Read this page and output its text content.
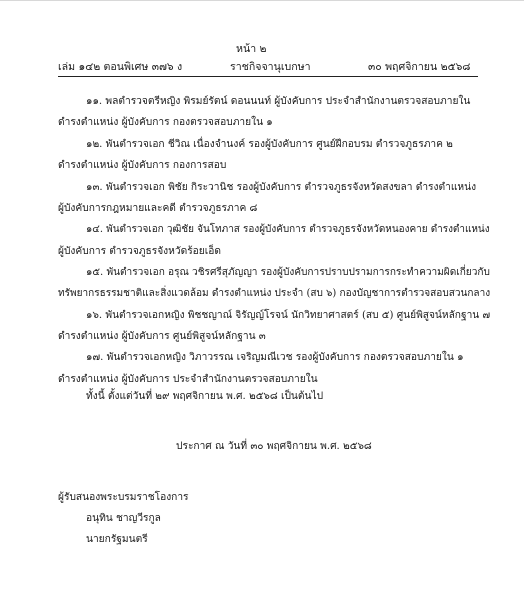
หน้า ๒
เล่ม ๑๔๒ ตอนพิเศษ ๓๗๖ ง	ราชกิจจานุเบกษา	๓๐ พฤศจิกายน ๒๕๖๘
๑๑. พลตำรวจตรีหญิง พิรมย์รัตน์ ดอนนนท์ ผู้บังคับการ ประจำสำนักงานตรวจสอบภายใน
ดำรงตำแหน่ง ผู้บังคับการ กองตรวจสอบภายใน ๑
๑๒. พันตำรวจเอก ชีวิณ เนื่องจำนงค์ รองผู้บังคับการ ศูนย์ฝึกอบรม ตำรวจภูธรภาค ๒
ดำรงตำแหน่ง ผู้บังคับการ กองการสอบ
๑๓. พันตำรวจเอก พิชัย กิระวานิช รองผู้บังคับการ ตำรวจภูธรจังหวัดสงขลา ดำรงตำแหน่ง
ผู้บังคับการกฎหมายและคดี ตำรวจภูธรภาค ๘
๑๔. พันตำรวจเอก วุฒิชัย จันโทภาส รองผู้บังคับการ ตำรวจภูธรจังหวัดหนองคาย ดำรงตำแหน่ง
ผู้บังคับการ ตำรวจภูธรจังหวัดร้อยเอ็ด
๑๕. พันตำรวจเอก อรุณ วชิรศรีสุภัญญา รองผู้บังคับการปราบปรามการกระทำความผิดเกี่ยวกับ
ทรัพยากรธรรมชาติและสิ่งแวดล้อม ดำรงตำแหน่ง ประจำ (สบ ๖) กองบัญชาการตำรวจสอบสวนกลาง
๑๖. พันตำรวจเอกหญิง พิชชญาณ์ จิรัญญ์โรจน์ นักวิทยาศาสตร์ (สบ ๕) ศูนย์พิสูจน์หลักฐาน ๗
ดำรงตำแหน่ง ผู้บังคับการ ศูนย์พิสูจน์หลักฐาน ๓
๑๗. พันตำรวจเอกหญิง วิภาวรรณ เจริญมณีเวช รองผู้บังคับการ กองตรวจสอบภายใน ๑
ดำรงตำแหน่ง ผู้บังคับการ ประจำสำนักงานตรวจสอบภายใน
ทั้งนี้ ตั้งแต่วันที่ ๒๙ พฤศจิกายน พ.ศ. ๒๕๖๘ เป็นต้นไป
ประกาศ ณ วันที่ ๓๐ พฤศจิกายน พ.ศ. ๒๕๖๘
ผู้รับสนองพระบรมราชโองการ
อนุทิน ชาญวีรกูล
นายกรัฐมนตรี
